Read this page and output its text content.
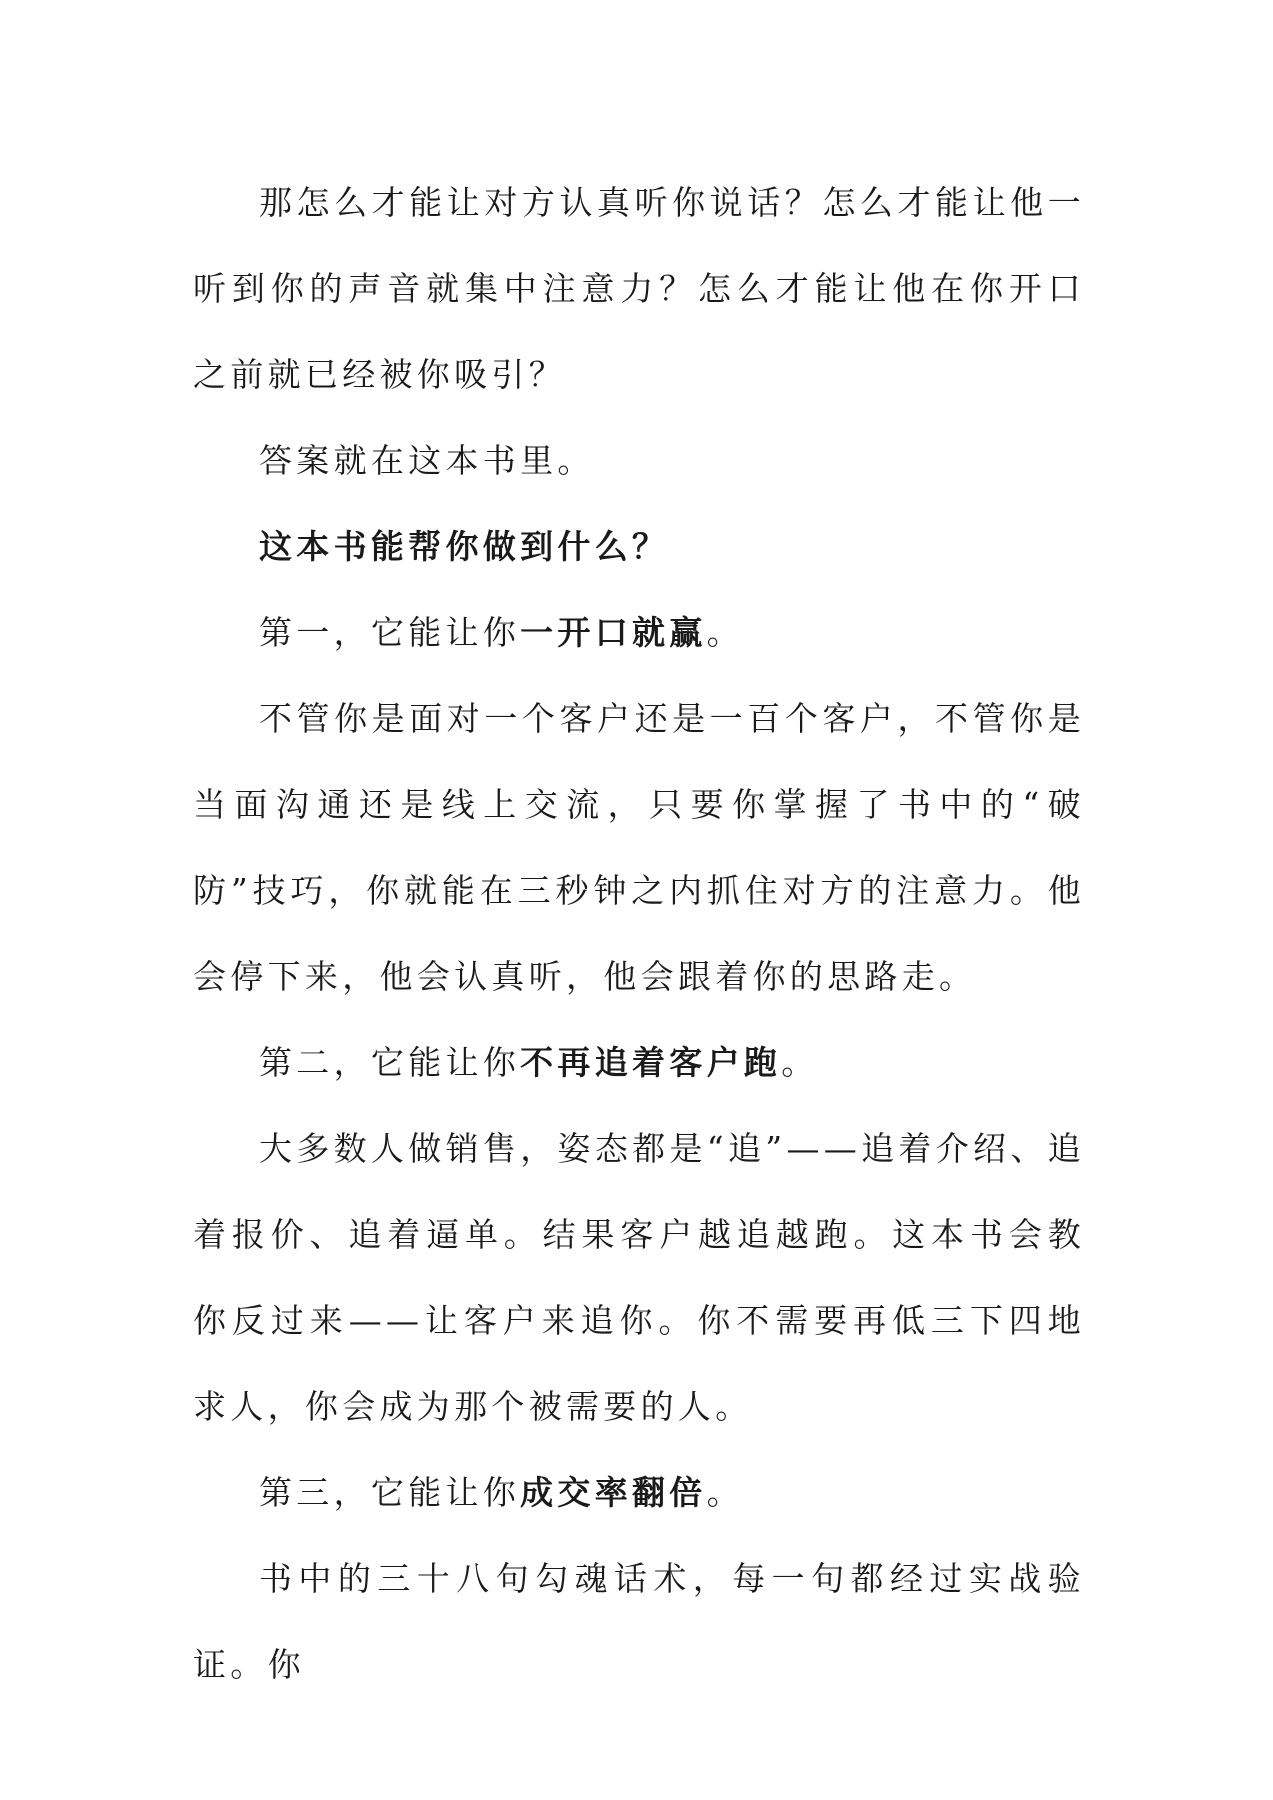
那怎么才能让对方认真听你说话？怎么才能让他一听到你的声音就集中注意力？怎么才能让他在你开口之前就已经被你吸引？

答案就在这本书里。

这本书能帮你做到什么？

第一，它能让你一开口就赢。

不管你是面对一个客户还是一百个客户，不管你是当面沟通还是线上交流，只要你掌握了书中的“破防”技巧，你就能在三秒钟之内抓住对方的注意力。他会停下来，他会认真听，他会跟着你的思路走。

第二，它能让你不再追着客户跑。

大多数人做销售，姿态都是“追”——追着介绍、追着报价、追着逼单。结果客户越追越跑。这本书会教你反过来——让客户来追你。你不需要再低三下四地求人，你会成为那个被需要的人。

第三，它能让你成交率翻倍。

书中的三十八句勾魂话术，每一句都经过实战验证。你
